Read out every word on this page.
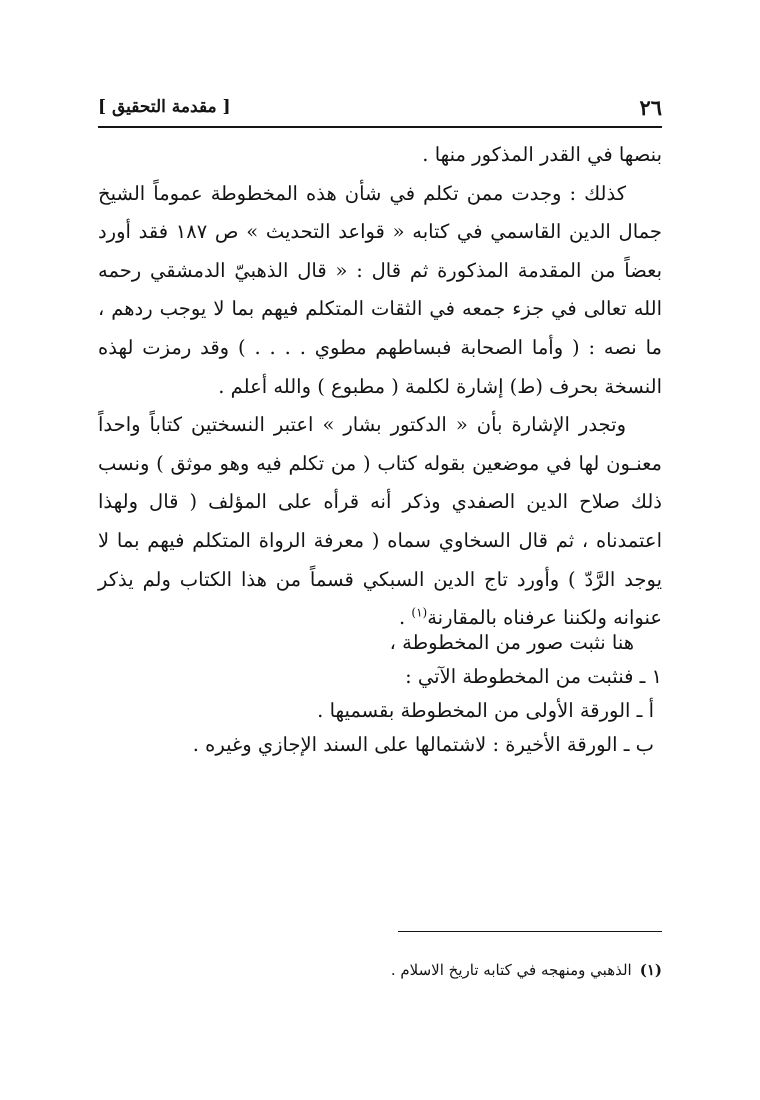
٢٦
[ مقدمة التحقيق ]

بنصها في القدر المذكور منها .

كذلك : وجدت ممن تكلم في شأن هذه المخطوطة عموماً الشيخ جمال الدين القاسمي في كتابه « قواعد التحديث » ص ١٨٧ فقد أورد بعضاً من المقدمة المذكورة ثم قال : « قال الذهبيّ الدمشقي رحمه الله تعالى في جزء جمعه في الثقات المتكلم فيهم بما لا يوجب ردهم ، ما نصه : ( وأما الصحابة فبساطهم مطوي . . . . ) وقد رمزت لهذه النسخة بحرف (ط) إشارة لكلمة ( مطبوع ) والله أعلم .

وتجدر الإشارة بأن « الدكتور بشار » اعتبر النسختين كتاباً واحداً معنـون لها في موضعين بقوله كتاب ( من تكلم فيه وهو موثق ) ونسب ذلك صلاح الدين الصفدي وذكر أنه قرأه على المؤلف ( قال ولهذا اعتمدناه ، ثم قال السخاوي سماه ( معرفة الرواة المتكلم فيهم بما لا يوجد الرَّدّ ) وأورد تاج الدين السبكي قسماً من هذا الكتاب ولم يذكر عنوانه ولكننا عرفناه بالمقارنة$^{(١)}$ .

هنا نثبت صور من المخطوطة ،

١ ـ فنثبت من المخطوطة الآتي :

أ ـ الورقة الأولى من المخطوطة بقسميها .

ب ـ الورقة الأخيرة : لاشتمالها على السند الإجازي وغيره .

(١)الذهبي ومنهجه في كتابه تاريخ الاسلام .
